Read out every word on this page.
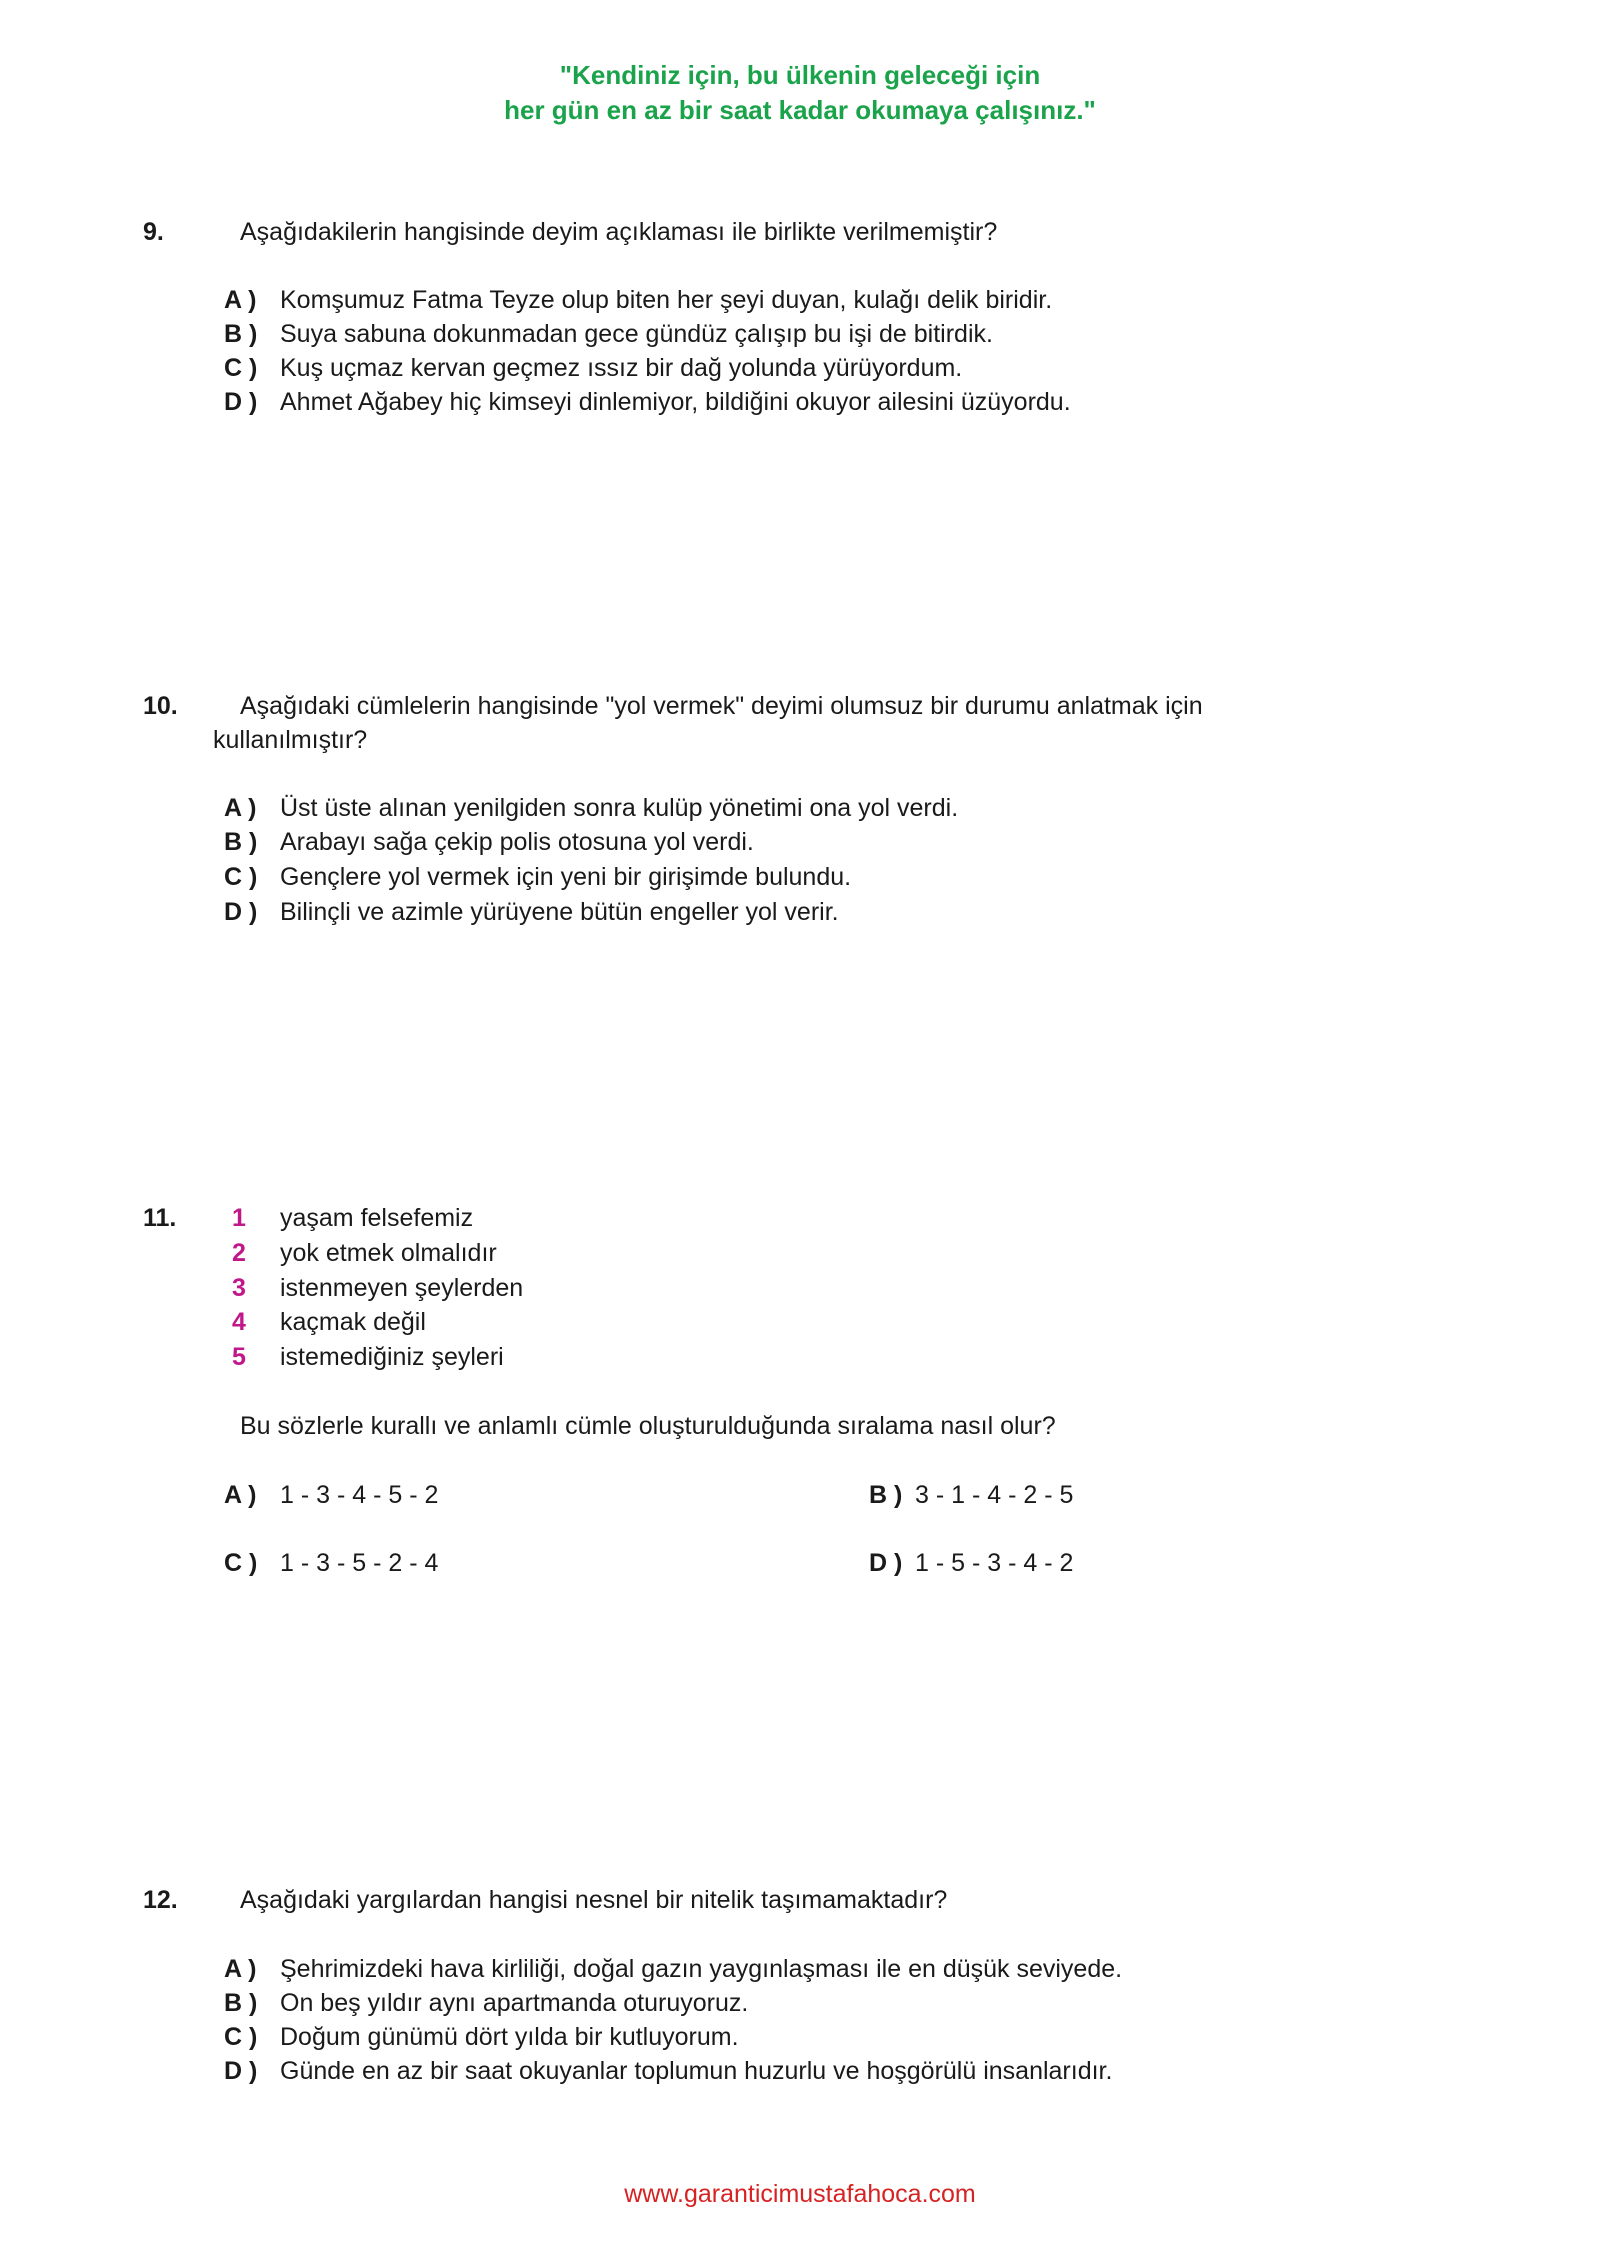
"Kendiniz için, bu ülkenin geleceği için
her gün en az bir saat kadar okumaya çalışınız."
9.	Aşağıdakilerin hangisinde deyim açıklaması ile birlikte verilmemiştir?
A ) Komşumuz Fatma Teyze olup biten her şeyi duyan, kulağı delik biridir.
B ) Suya sabuna dokunmadan gece gündüz çalışıp bu işi de bitirdik.
C ) Kuş uçmaz kervan geçmez ıssız bir dağ yolunda yürüyordum.
D ) Ahmet Ağabey hiç kimseyi dinlemiyor, bildiğini okuyor ailesini üzüyordu.
10. Aşağıdaki cümlelerin hangisinde "yol vermek" deyimi olumsuz bir durumu anlatmak için
kullanılmıştır?
A ) Üst üste alınan yenilgiden sonra kulüp yönetimi ona yol verdi.
B ) Arabayı sağa çekip polis otosuna yol verdi.
C ) Gençlere yol vermek için yeni bir girişimde bulundu.
D ) Bilinçli ve azimle yürüyene bütün engeller yol verir.
11. 1 yaşam felsefemiz
2 yok etmek olmalıdır
3 istenmeyen şeylerden
4 kaçmak değil
5 istemediğiniz şeyleri
Bu sözlerle kurallı ve anlamlı cümle oluşturulduğunda sıralama nasıl olur?
A ) 1 - 3 - 4 - 5 - 2	B ) 3 - 1 - 4 - 2 - 5
C ) 1 - 3 - 5 - 2 - 4	D ) 1 - 5 - 3 - 4 - 2
12. Aşağıdaki yargılardan hangisi nesnel bir nitelik taşımamaktadır?
A ) Şehrimizdeki hava kirliliği, doğal gazın yaygınlaşması ile en düşük seviyede.
B ) On beş yıldır aynı apartmanda oturuyoruz.
C ) Doğum günümü dört yılda bir kutluyorum.
D ) Günde en az bir saat okuyanlar toplumun huzurlu ve hoşgörülü insanlarıdır.
www.garanticimustafahoca.com
